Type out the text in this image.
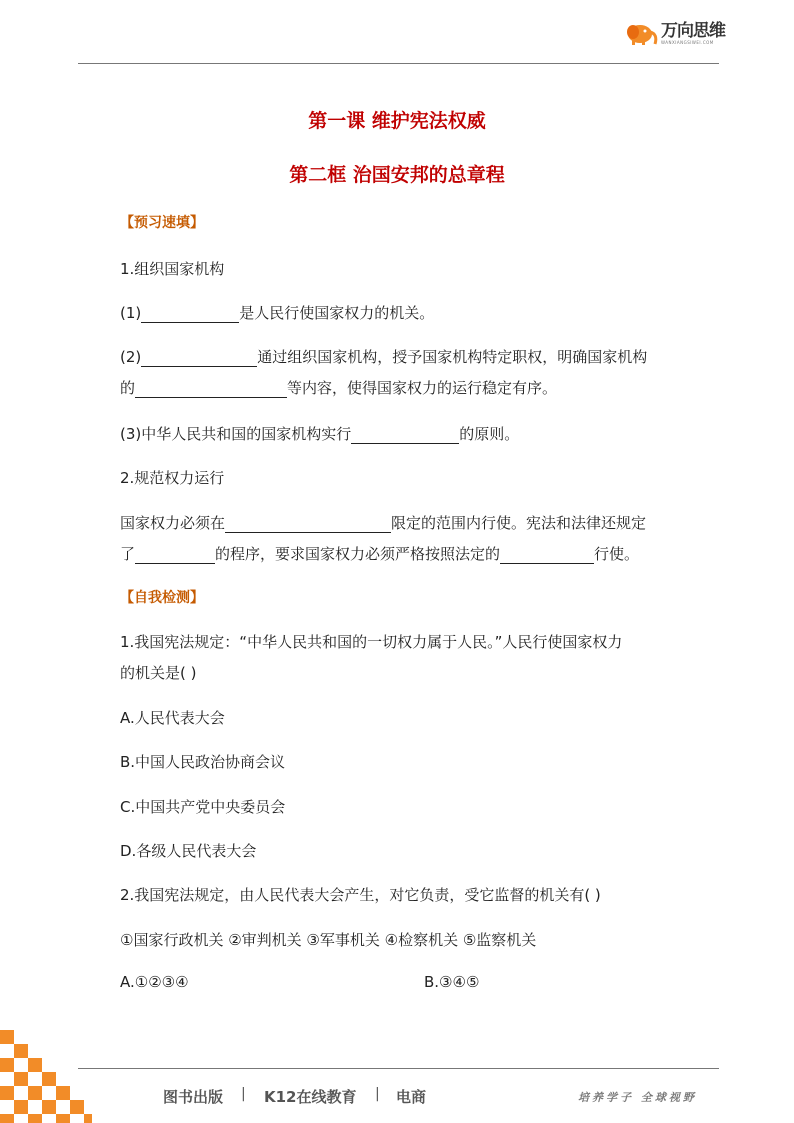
万向思维
WANXIANGSIWEI.COM
第一课 维护宪法权威
第二框 治国安邦的总章程
【预习速填】
1.组织国家机构
(1)	是人民行使国家权力的机关。
(2)	通过组织国家机构，授予国家机构特定职权，明确国家机构
的	等内容，使得国家权力的运行稳定有序。
(3)中华人民共和国的国家机构实行	的原则。
2.规范权力运行
国家权力必须在	限定的范围内行使。宪法和法律还规定
了	的程序，要求国家权力必须严格按照法定的	行使。
【自我检测】
1.我国宪法规定：“中华人民共和国的一切权力属于人民。”人民行使国家权力
的机关是( )
A.人民代表大会
B.中国人民政治协商会议
C.中国共产党中央委员会
D.各级人民代表大会
2.我国宪法规定，由人民代表大会产生，对它负责，受它监督的机关有( )
①国家行政机关 ②审判机关 ③军事机关 ④检察机关 ⑤监察机关
A.①②③④	B.③④⑤
图书出版 | K12在线教育 | 电商	培养学子 全球视野
